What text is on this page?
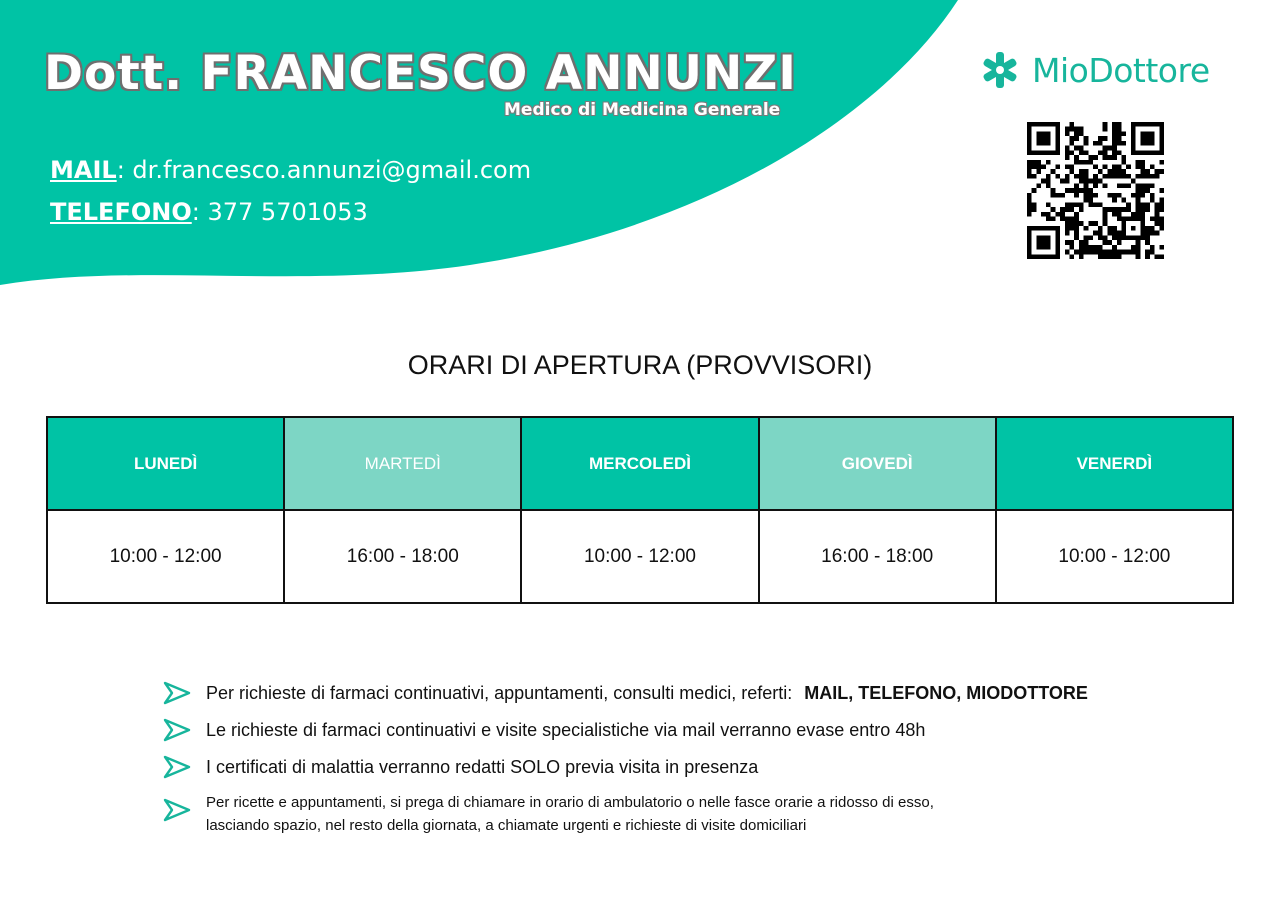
Dott. FRANCESCO ANNUNZI
Medico di Medicina Generale
MAIL: dr.francesco.annunzi@gmail.com
TELEFONO: 377 5701053
MioDottore
ORARI DI APERTURA (PROVVISORI)
LUNEDÌ	MARTEDÌ	MERCOLEDÌ	GIOVEDÌ	VENERDÌ
10:00 - 12:00	16:00 - 18:00	10:00 - 12:00	16:00 - 18:00	10:00 - 12:00
Per richieste di farmaci continuativi, appuntamenti, consulti medici, referti: MAIL, TELEFONO, MIODOTTORE
Le richieste di farmaci continuativi e visite specialistiche via mail verranno evase entro 48h
I certificati di malattia verranno redatti SOLO previa visita in presenza
Per ricette e appuntamenti, si prega di chiamare in orario di ambulatorio o nelle fasce orarie a ridosso di esso,
lasciando spazio, nel resto della giornata, a chiamate urgenti e richieste di visite domiciliari
